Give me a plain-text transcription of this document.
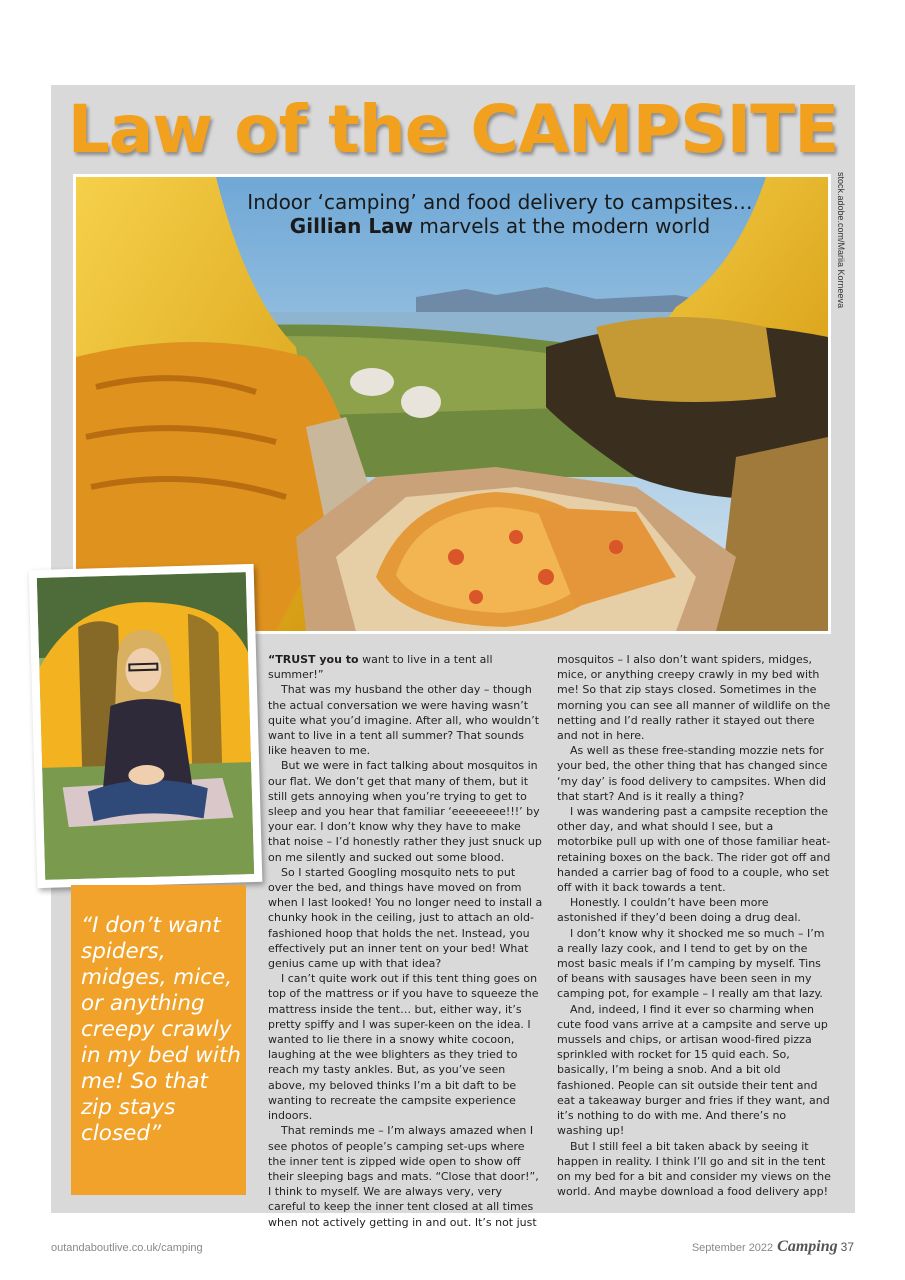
Law of the CAMPSITE
Indoor ‘camping’ and food delivery to campsites…
Gillian Law marvels at the modern world	stock.adobe.com/Mariia Korneeva

“I don’t want spiders, midges, mice, or anything creepy crawly in my bed with me! So that zip stays closed”

“TRUST you to want to live in a tent all summer!”

That was my husband the other day – though the actual conversation we were having wasn’t quite what you’d imagine. After all, who wouldn’t want to live in a tent all summer? That sounds like heaven to me.

But we were in fact talking about mosquitos in our flat. We don’t get that many of them, but it still gets annoying when you’re trying to get to sleep and you hear that familiar ‘eeeeeeee!!!’ by your ear. I don’t know why they have to make that noise – I’d honestly rather they just snuck up on me silently and sucked out some blood.

So I started Googling mosquito nets to put over the bed, and things have moved on from when I last looked! You no longer need to install a chunky hook in the ceiling, just to attach an old-fashioned hoop that holds the net. Instead, you effectively put an inner tent on your bed! What genius came up with that idea?

I can’t quite work out if this tent thing goes on top of the mattress or if you have to squeeze the mattress inside the tent… but, either way, it’s pretty spiffy and I was super-keen on the idea. I wanted to lie there in a snowy white cocoon, laughing at the wee blighters as they tried to reach my tasty ankles. But, as you’ve seen above, my beloved thinks I’m a bit daft to be wanting to recreate the campsite experience indoors.

That reminds me – I’m always amazed when I see photos of people’s camping set-ups where the inner tent is zipped wide open to show off their sleeping bags and mats. “Close that door!”, I think to myself. We are always very, very careful to keep the inner tent closed at all times when not actively getting in and out. It’s not just

mosquitos – I also don’t want spiders, midges, mice, or anything creepy crawly in my bed with me! So that zip stays closed. Sometimes in the morning you can see all manner of wildlife on the netting and I’d really rather it stayed out there and not in here.

As well as these free-standing mozzie nets for your bed, the other thing that has changed since ‘my day’ is food delivery to campsites. When did that start? And is it really a thing?

I was wandering past a campsite reception the other day, and what should I see, but a motorbike pull up with one of those familiar heat-retaining boxes on the back. The rider got off and handed a carrier bag of food to a couple, who set off with it back towards a tent.

Honestly. I couldn’t have been more astonished if they’d been doing a drug deal.

I don’t know why it shocked me so much – I’m a really lazy cook, and I tend to get by on the most basic meals if I’m camping by myself. Tins of beans with sausages have been seen in my camping pot, for example – I really am that lazy.

And, indeed, I find it ever so charming when cute food vans arrive at a campsite and serve up mussels and chips, or artisan wood-fired pizza sprinkled with rocket for 15 quid each. So, basically, I’m being a snob. And a bit old fashioned. People can sit outside their tent and eat a takeaway burger and fries if they want, and it’s nothing to do with me. And there’s no washing up!

But I still feel a bit taken aback by seeing it happen in reality. I think I’ll go and sit in the tent on my bed for a bit and consider my views on the world. And maybe download a food delivery app!

outandaboutlive.co.uk/camping	September 2022 Camping 37
